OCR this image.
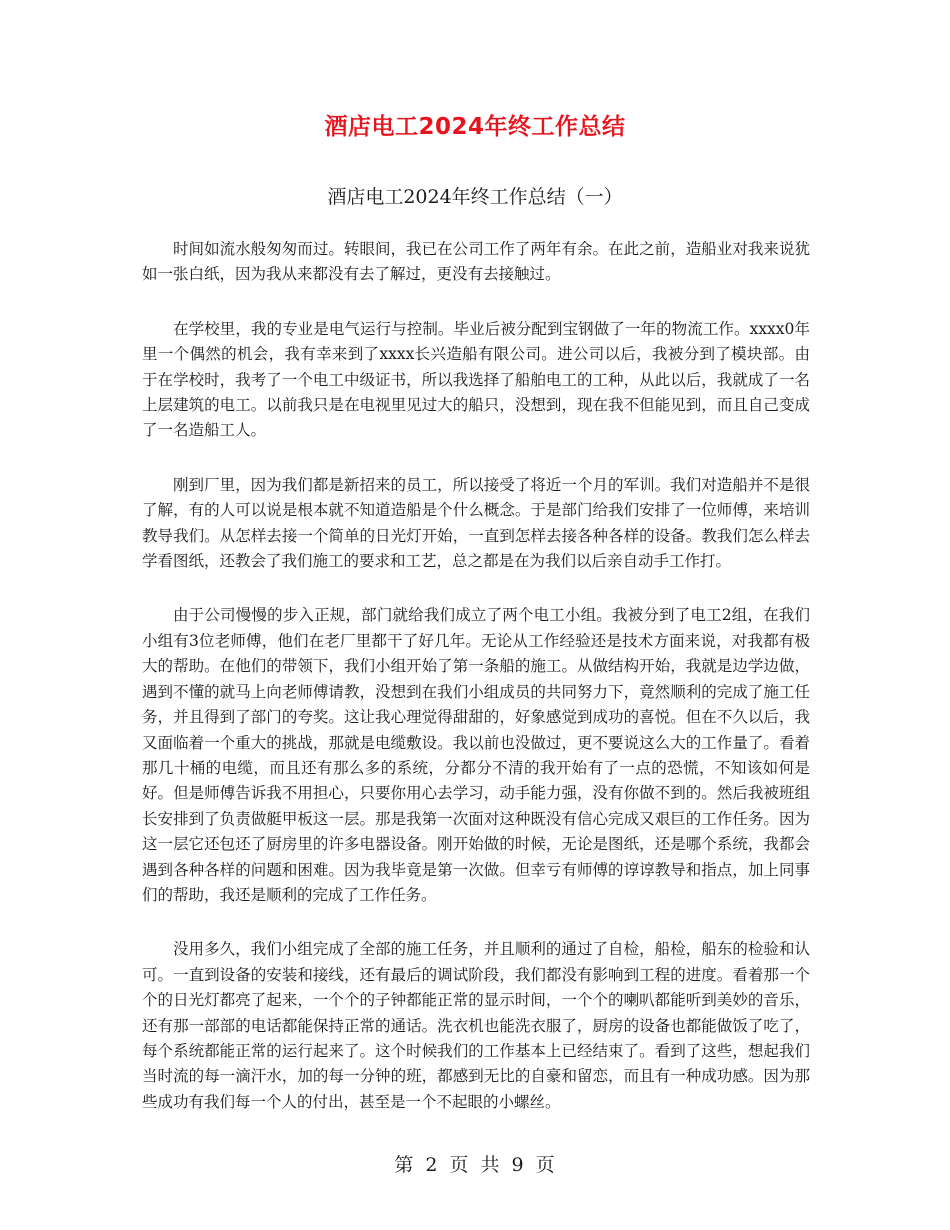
酒店电工2024年终工作总结
酒店电工2024年终工作总结（一）

时间如流水般匆匆而过。转眼间，我已在公司工作了两年有余。在此之前，造船业对我来说犹如一张白纸，因为我从来都没有去了解过，更没有去接触过。

在学校里，我的专业是电气运行与控制。毕业后被分配到宝钢做了一年的物流工作。xxxx0年里一个偶然的机会，我有幸来到了xxxx长兴造船有限公司。进公司以后，我被分到了模块部。由于在学校时，我考了一个电工中级证书，所以我选择了船舶电工的工种，从此以后，我就成了一名上层建筑的电工。以前我只是在电视里见过大的船只，没想到，现在我不但能见到，而且自己变成了一名造船工人。

刚到厂里，因为我们都是新招来的员工，所以接受了将近一个月的军训。我们对造船并不是很了解，有的人可以说是根本就不知道造船是个什么概念。于是部门给我们安排了一位师傅，来培训教导我们。从怎样去接一个简单的日光灯开始，一直到怎样去接各种各样的设备。教我们怎么样去学看图纸，还教会了我们施工的要求和工艺，总之都是在为我们以后亲自动手工作打。

由于公司慢慢的步入正规，部门就给我们成立了两个电工小组。我被分到了电工2组，在我们小组有3位老师傅，他们在老厂里都干了好几年。无论从工作经验还是技术方面来说，对我都有极大的帮助。在他们的带领下，我们小组开始了第一条船的施工。从做结构开始，我就是边学边做，遇到不懂的就马上向老师傅请教，没想到在我们小组成员的共同努力下，竟然顺利的完成了施工任务，并且得到了部门的夸奖。这让我心理觉得甜甜的，好象感觉到成功的喜悦。但在不久以后，我又面临着一个重大的挑战，那就是电缆敷设。我以前也没做过，更不要说这么大的工作量了。看着那几十桶的电缆，而且还有那么多的系统，分都分不清的我开始有了一点的恐慌，不知该如何是好。但是师傅告诉我不用担心，只要你用心去学习，动手能力强，没有你做不到的。然后我被班组长安排到了负责做艇甲板这一层。那是我第一次面对这种既没有信心完成又艰巨的工作任务。因为这一层它还包还了厨房里的许多电器设备。刚开始做的时候，无论是图纸，还是哪个系统，我都会遇到各种各样的问题和困难。因为我毕竟是第一次做。但幸亏有师傅的谆谆教导和指点，加上同事们的帮助，我还是顺利的完成了工作任务。

没用多久，我们小组完成了全部的施工任务，并且顺利的通过了自检，船检，船东的检验和认可。一直到设备的安装和接线，还有最后的调试阶段，我们都没有影响到工程的进度。看着那一个个的日光灯都亮了起来，一个个的子钟都能正常的显示时间，一个个的喇叭都能听到美妙的音乐，还有那一部部的电话都能保持正常的通话。洗衣机也能洗衣服了，厨房的设备也都能做饭了吃了，每个系统都能正常的运行起来了。这个时候我们的工作基本上已经结束了。看到了这些，想起我们当时流的每一滴汗水，加的每一分钟的班，都感到无比的自豪和留恋，而且有一种成功感。因为那些成功有我们每一个人的付出，甚至是一个不起眼的小螺丝。

第 2 页 共 9 页
